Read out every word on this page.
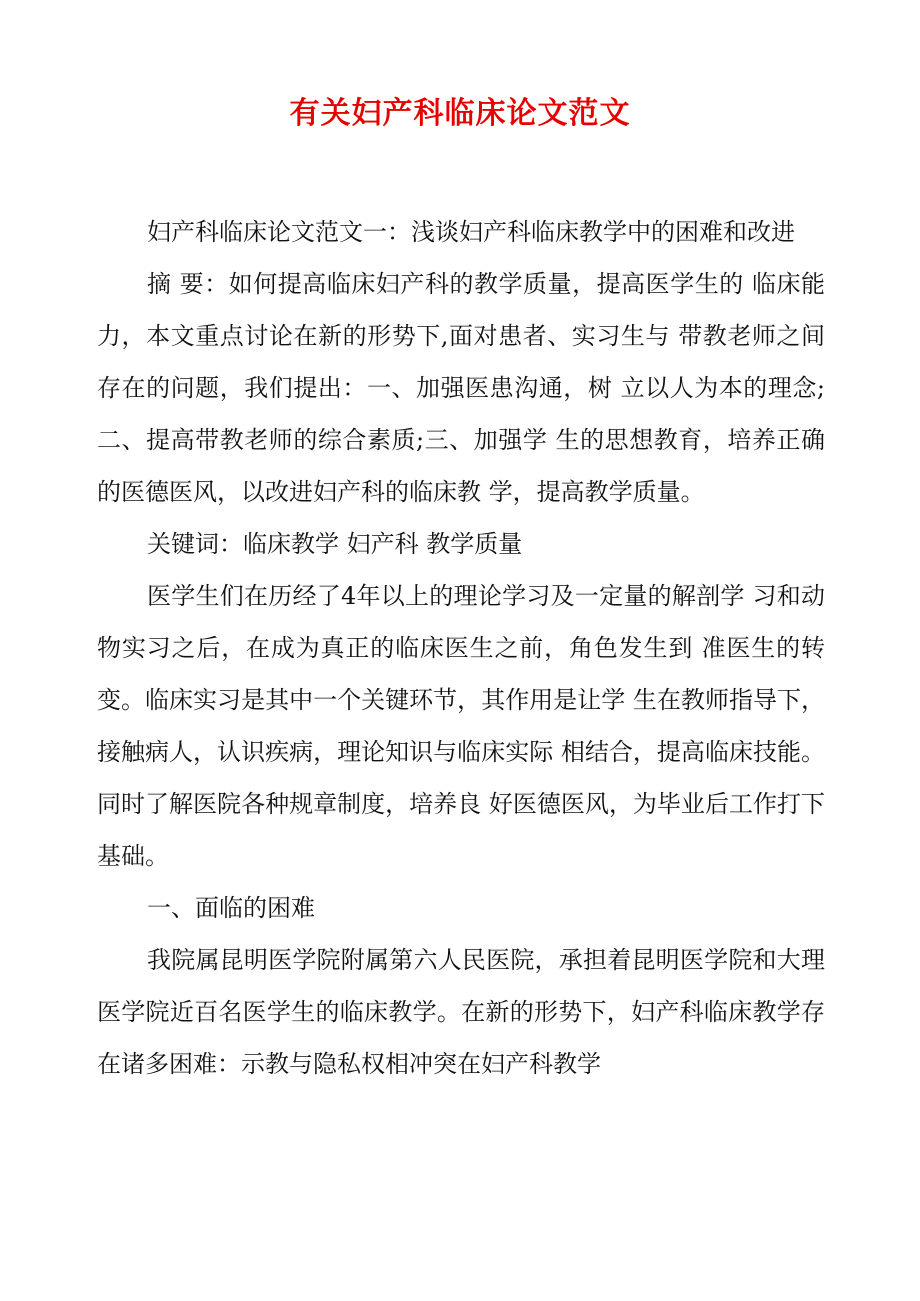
有关妇产科临床论文范文

妇产科临床论文范文一：浅谈妇产科临床教学中的困难和改进

摘 要：如何提高临床妇产科的教学质量，提高医学生的 临床能力，本文重点讨论在新的形势下,面对患者、实习生与 带教老师之间存在的问题，我们提出：一、加强医患沟通，树 立以人为本的理念;二、提高带教老师的综合素质;三、加强学 生的思想教育，培养正确的医德医风，以改进妇产科的临床教 学，提高教学质量。

关键词：临床教学 妇产科 教学质量

医学生们在历经了4年以上的理论学习及一定量的解剖学 习和动物实习之后，在成为真正的临床医生之前，角色发生到 准医生的转变。临床实习是其中一个关键环节，其作用是让学 生在教师指导下，接触病人，认识疾病，理论知识与临床实际 相结合，提高临床技能。同时了解医院各种规章制度，培养良 好医德医风，为毕业后工作打下基础。

一、面临的困难

我院属昆明医学院附属第六人民医院，承担着昆明医学院和大理医学院近百名医学生的临床教学。在新的形势下，妇产科临床教学存在诸多困难：示教与隐私权相冲突在妇产科教学
